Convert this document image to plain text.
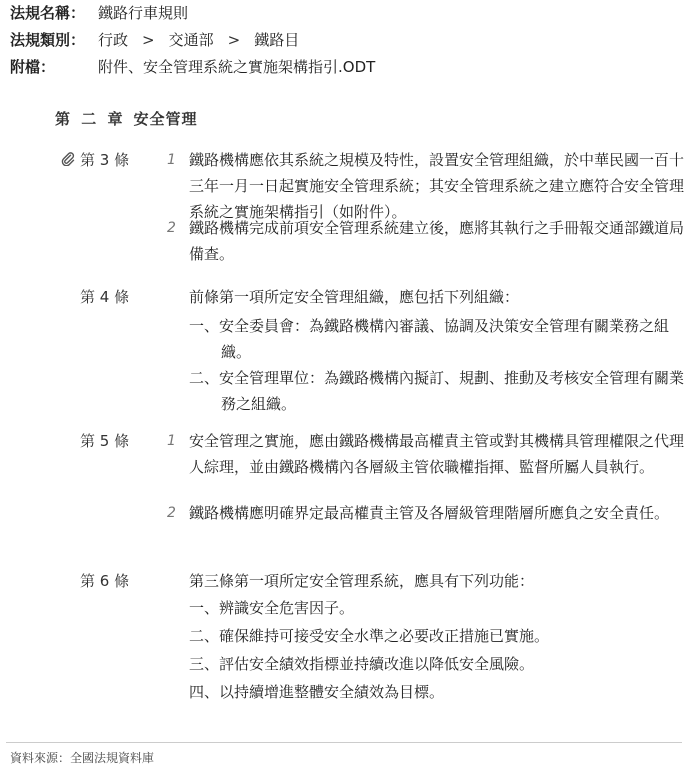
法規名稱： 鐵路行車規則
法規類別： 行政 > 交通部 > 鐵路目
附檔：	附件、安全管理系統之實施架構指引.ODT
第 二 章 安全管理
第 3 條	1 鐵路機構應依其系統之規模及特性，設置安全管理組織，於中華民國一百十三年一月一日起實施安全管理系統；其安全管理系統之建立應符合安全管理系統之實施架構指引（如附件）。
2 鐵路機構完成前項安全管理系統建立後，應將其執行之手冊報交通部鐵道局備查。
第 4 條	前條第一項所定安全管理組織，應包括下列組織：
一、安全委員會：為鐵路機構內審議、協調及決策安全管理有關業務之組織。
二、安全管理單位：為鐵路機構內擬訂、規劃、推動及考核安全管理有關業務之組織。
第 5 條	1 安全管理之實施，應由鐵路機構最高權責主管或對其機構具管理權限之代理人綜理，並由鐵路機構內各層級主管依職權指揮、監督所屬人員執行。
2 鐵路機構應明確界定最高權責主管及各層級管理階層所應負之安全責任。
第 6 條	第三條第一項所定安全管理系統，應具有下列功能：
一、辨識安全危害因子。
二、確保維持可接受安全水準之必要改正措施已實施。
三、評估安全績效指標並持續改進以降低安全風險。
四、以持續增進整體安全績效為目標。
資料來源：全國法規資料庫
